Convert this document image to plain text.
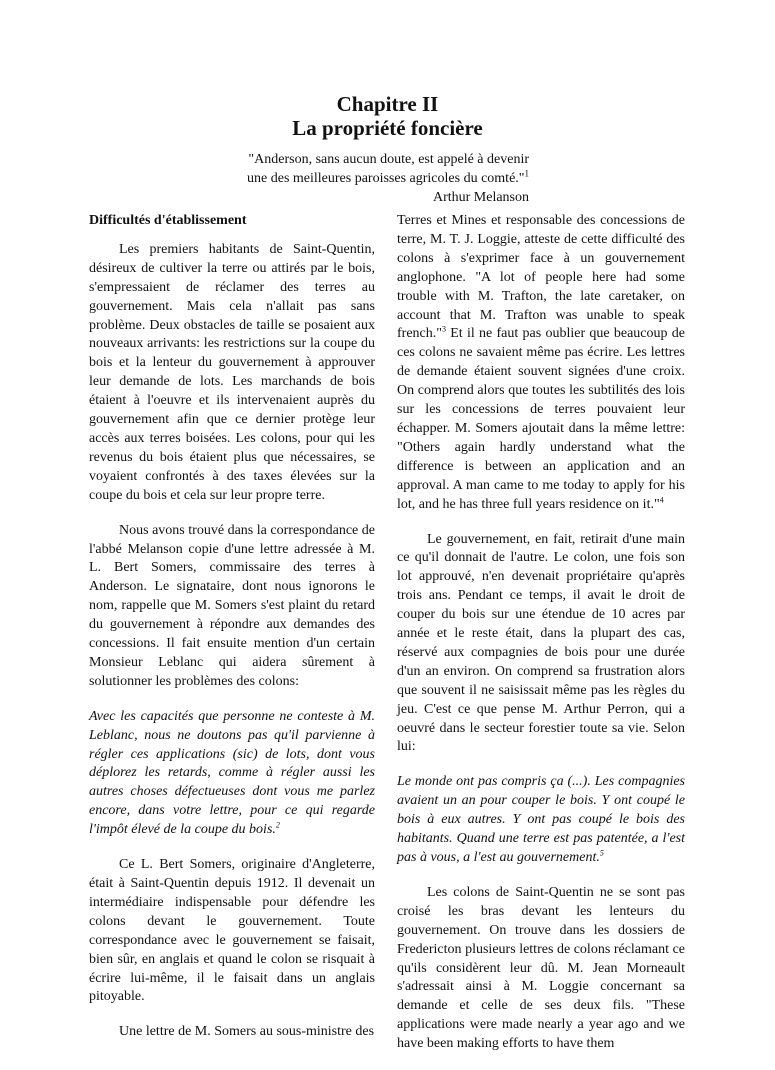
Chapitre II
La propriété foncière
"Anderson, sans aucun doute, est appelé à devenir
une des meilleures paroisses agricoles du comté."$^1$
Arthur Melanson

Difficultés d'établissement

Les premiers habitants de Saint-Quentin, désireux de cultiver la terre ou attirés par le bois, s'empressaient de réclamer des terres au gouvernement. Mais cela n'allait pas sans problème. Deux obstacles de taille se posaient aux nouveaux arrivants: les restrictions sur la coupe du bois et la lenteur du gouvernement à approuver leur demande de lots. Les marchands de bois étaient à l'oeuvre et ils intervenaient auprès du gouvernement afin que ce dernier protège leur accès aux terres boisées. Les colons, pour qui les revenus du bois étaient plus que nécessaires, se voyaient confrontés à des taxes élevées sur la coupe du bois et cela sur leur propre terre.

Nous avons trouvé dans la correspondance de l'abbé Melanson copie d'une lettre adressée à M. L. Bert Somers, commissaire des terres à Anderson. Le signataire, dont nous ignorons le nom, rappelle que M. Somers s'est plaint du retard du gouvernement à répondre aux demandes des concessions. Il fait ensuite mention d'un certain Monsieur Leblanc qui aidera sûrement à solutionner les problèmes des colons:

Avec les capacités que personne ne conteste à M. Leblanc, nous ne doutons pas qu'il parvienne à régler ces applications (sic) de lots, dont vous déplorez les retards, comme à régler aussi les autres choses défectueuses dont vous me parlez encore, dans votre lettre, pour ce qui regarde l'impôt élevé de la coupe du bois.$^2$

Ce L. Bert Somers, originaire d'Angleterre, était à Saint-Quentin depuis 1912. Il devenait un intermédiaire indispensable pour défendre les colons devant le gouvernement. Toute correspondance avec le gouvernement se faisait, bien sûr, en anglais et quand le colon se risquait à écrire lui-même, il le faisait dans un anglais pitoyable.

Une lettre de M. Somers au sous-ministre des

Terres et Mines et responsable des concessions de terre, M. T. J. Loggie, atteste de cette difficulté des colons à s'exprimer face à un gouvernement anglophone. "A lot of people here had some trouble with M. Trafton, the late caretaker, on account that M. Trafton was unable to speak french."$^3$ Et il ne faut pas oublier que beaucoup de ces colons ne savaient même pas écrire. Les lettres de demande étaient souvent signées d'une croix. On comprend alors que toutes les subtilités des lois sur les concessions de terres pouvaient leur échapper. M. Somers ajoutait dans la même lettre: "Others again hardly understand what the difference is between an application and an approval. A man came to me today to apply for his lot, and he has three full years residence on it."$^4$

Le gouvernement, en fait, retirait d'une main ce qu'il donnait de l'autre. Le colon, une fois son lot approuvé, n'en devenait propriétaire qu'après trois ans. Pendant ce temps, il avait le droit de couper du bois sur une étendue de 10 acres par année et le reste était, dans la plupart des cas, réservé aux compagnies de bois pour une durée d'un an environ. On comprend sa frustration alors que souvent il ne saisissait même pas les règles du jeu. C'est ce que pense M. Arthur Perron, qui a oeuvré dans le secteur forestier toute sa vie. Selon lui:

Le monde ont pas compris ça (...). Les compagnies avaient un an pour couper le bois. Y ont coupé le bois à eux autres. Y ont pas coupé le bois des habitants. Quand une terre est pas patentée, a l'est pas à vous, a l'est au gouvernement.$^5$

Les colons de Saint-Quentin ne se sont pas croisé les bras devant les lenteurs du gouvernement. On trouve dans les dossiers de Fredericton plusieurs lettres de colons réclamant ce qu'ils considèrent leur dû. M. Jean Morneault s'adressait ainsi à M. Loggie concernant sa demande et celle de ses deux fils. "These applications were made nearly a year ago and we have been making efforts to have them
